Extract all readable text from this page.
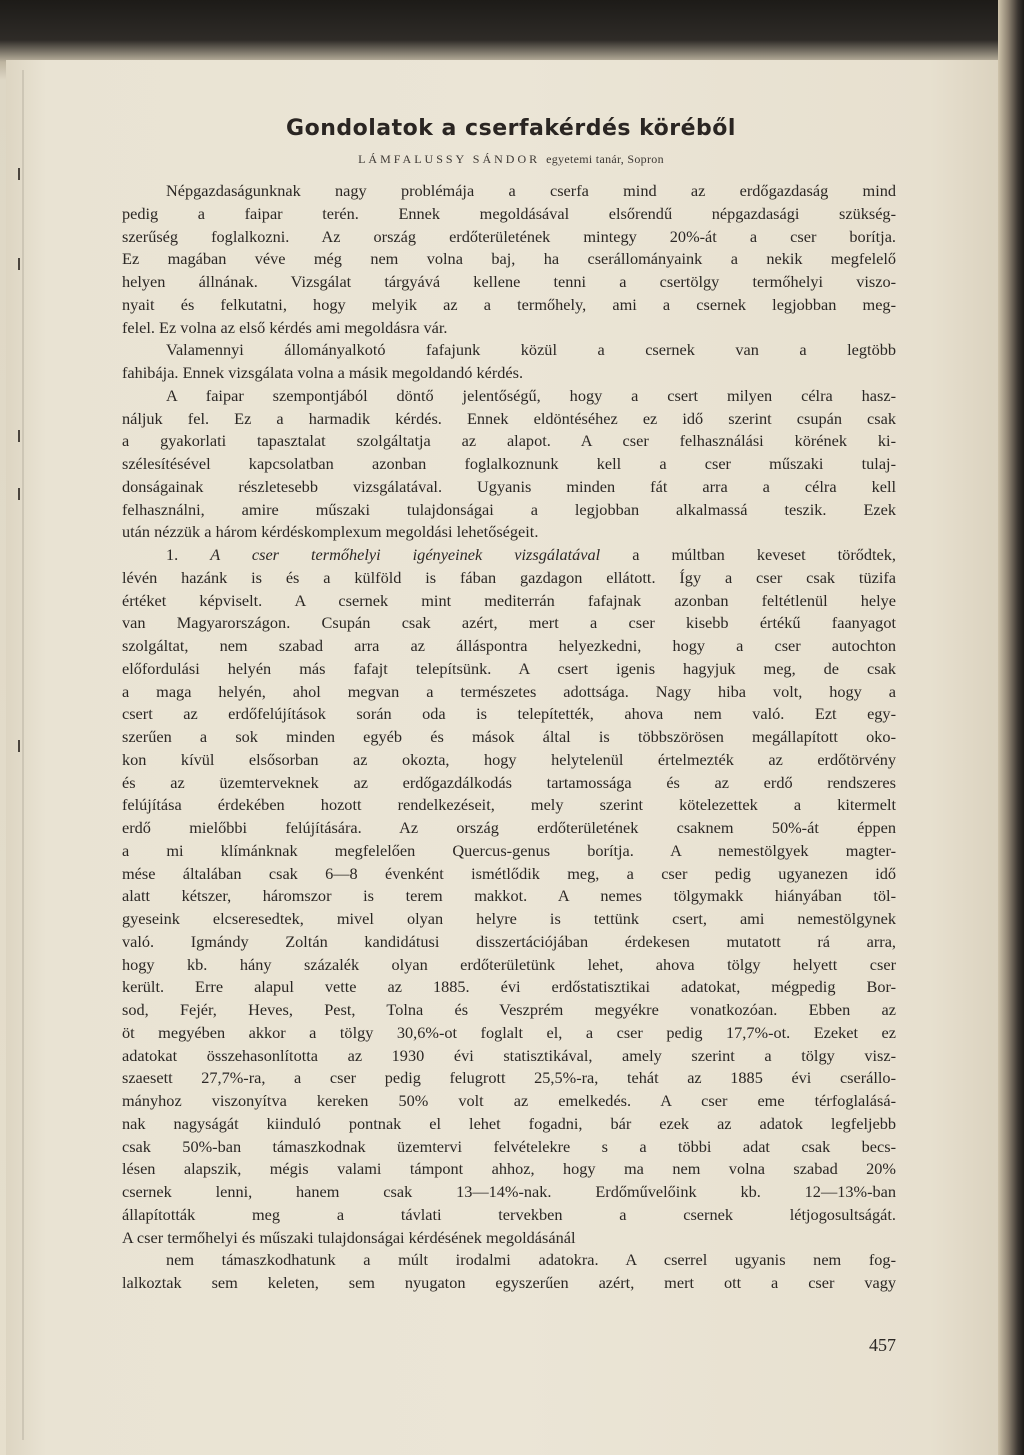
Gondolatok a cserfakérdés köréből
LÁMFALUSSY SÁNDOR egyetemi tanár, Sopron

Népgazdaságunknak nagy problémája a cserfa mind az erdőgazdaság mind

pedig a faipar terén. Ennek megoldásával elsőrendű népgazdasági szükség-

szerűség foglalkozni. Az ország erdőterületének mintegy 20%-át a cser borítja.

Ez magában véve még nem volna baj, ha cserállományaink a nekik megfelelő

helyen állnának. Vizsgálat tárgyává kellene tenni a csertölgy termőhelyi viszo-

nyait és felkutatni, hogy melyik az a termőhely, ami a csernek legjobban meg-

felel. Ez volna az első kérdés ami megoldásra vár.

Valamennyi állományalkotó fafajunk közül a csernek van a legtöbb

fahibája. Ennek vizsgálata volna a másik megoldandó kérdés.

A faipar szempontjából döntő jelentőségű, hogy a csert milyen célra hasz-

náljuk fel. Ez a harmadik kérdés. Ennek eldöntéséhez ez idő szerint csupán csak

a gyakorlati tapasztalat szolgáltatja az alapot. A cser felhasználási körének ki-

szélesítésével kapcsolatban azonban foglalkoznunk kell a cser műszaki tulaj-

donságainak részletesebb vizsgálatával. Ugyanis minden fát arra a célra kell

felhasználni, amire műszaki tulajdonságai a legjobban alkalmassá teszik. Ezek

után nézzük a három kérdéskomplexum megoldási lehetőségeit.

1. A cser termőhelyi igényeinek vizsgálatával a múltban keveset törődtek,

lévén hazánk is és a külföld is fában gazdagon ellátott. Így a cser csak tüzifa

értéket képviselt. A csernek mint mediterrán fafajnak azonban feltétlenül helye

van Magyarországon. Csupán csak azért, mert a cser kisebb értékű faanyagot

szolgáltat, nem szabad arra az álláspontra helyezkedni, hogy a cser autochton

előfordulási helyén más fafajt telepítsünk. A csert igenis hagyjuk meg, de csak

a maga helyén, ahol megvan a természetes adottsága. Nagy hiba volt, hogy a

csert az erdőfelújítások során oda is telepítették, ahova nem való. Ezt egy-

szerűen a sok minden egyéb és mások által is többszörösen megállapított oko-

kon kívül elsősorban az okozta, hogy helytelenül értelmezték az erdőtörvény

és az üzemterveknek az erdőgazdálkodás tartamossága és az erdő rendszeres

felújítása érdekében hozott rendelkezéseit, mely szerint kötelezettek a kitermelt

erdő mielőbbi felújítására. Az ország erdőterületének csaknem 50%-át éppen

a mi klímánknak megfelelően Quercus-genus borítja. A nemestölgyek magter-

mése általában csak 6—8 évenként ismétlődik meg, a cser pedig ugyanezen idő

alatt kétszer, háromszor is terem makkot. A nemes tölgymakk hiányában töl-

gyeseink elcseresedtek, mivel olyan helyre is tettünk csert, ami nemestölgynek

való. Igmándy Zoltán kandidátusi disszertációjában érdekesen mutatott rá arra,

hogy kb. hány százalék olyan erdőterületünk lehet, ahova tölgy helyett cser

került. Erre alapul vette az 1885. évi erdőstatisztikai adatokat, mégpedig Bor-

sod, Fejér, Heves, Pest, Tolna és Veszprém megyékre vonatkozóan. Ebben az

öt megyében akkor a tölgy 30,6%-ot foglalt el, a cser pedig 17,7%-ot. Ezeket ez

adatokat összehasonlította az 1930 évi statisztikával, amely szerint a tölgy visz-

szaesett 27,7%-ra, a cser pedig felugrott 25,5%-ra, tehát az 1885 évi cserállo-

mányhoz viszonyítva kereken 50% volt az emelkedés. A cser eme térfoglalásá-

nak nagyságát kiinduló pontnak el lehet fogadni, bár ezek az adatok legfeljebb

csak 50%-ban támaszkodnak üzemtervi felvételekre s a többi adat csak becs-

lésen alapszik, mégis valami támpont ahhoz, hogy ma nem volna szabad 20%

csernek lenni, hanem csak 13—14%-nak. Erdőművelőink kb. 12—13%-ban

állapították meg a távlati tervekben a csernek létjogosultságát.

A cser termőhelyi és műszaki tulajdonságai kérdésének megoldásánál

nem támaszkodhatunk a múlt irodalmi adatokra. A cserrel ugyanis nem fog-

lalkoztak sem keleten, sem nyugaton egyszerűen azért, mert ott a cser vagy

457
